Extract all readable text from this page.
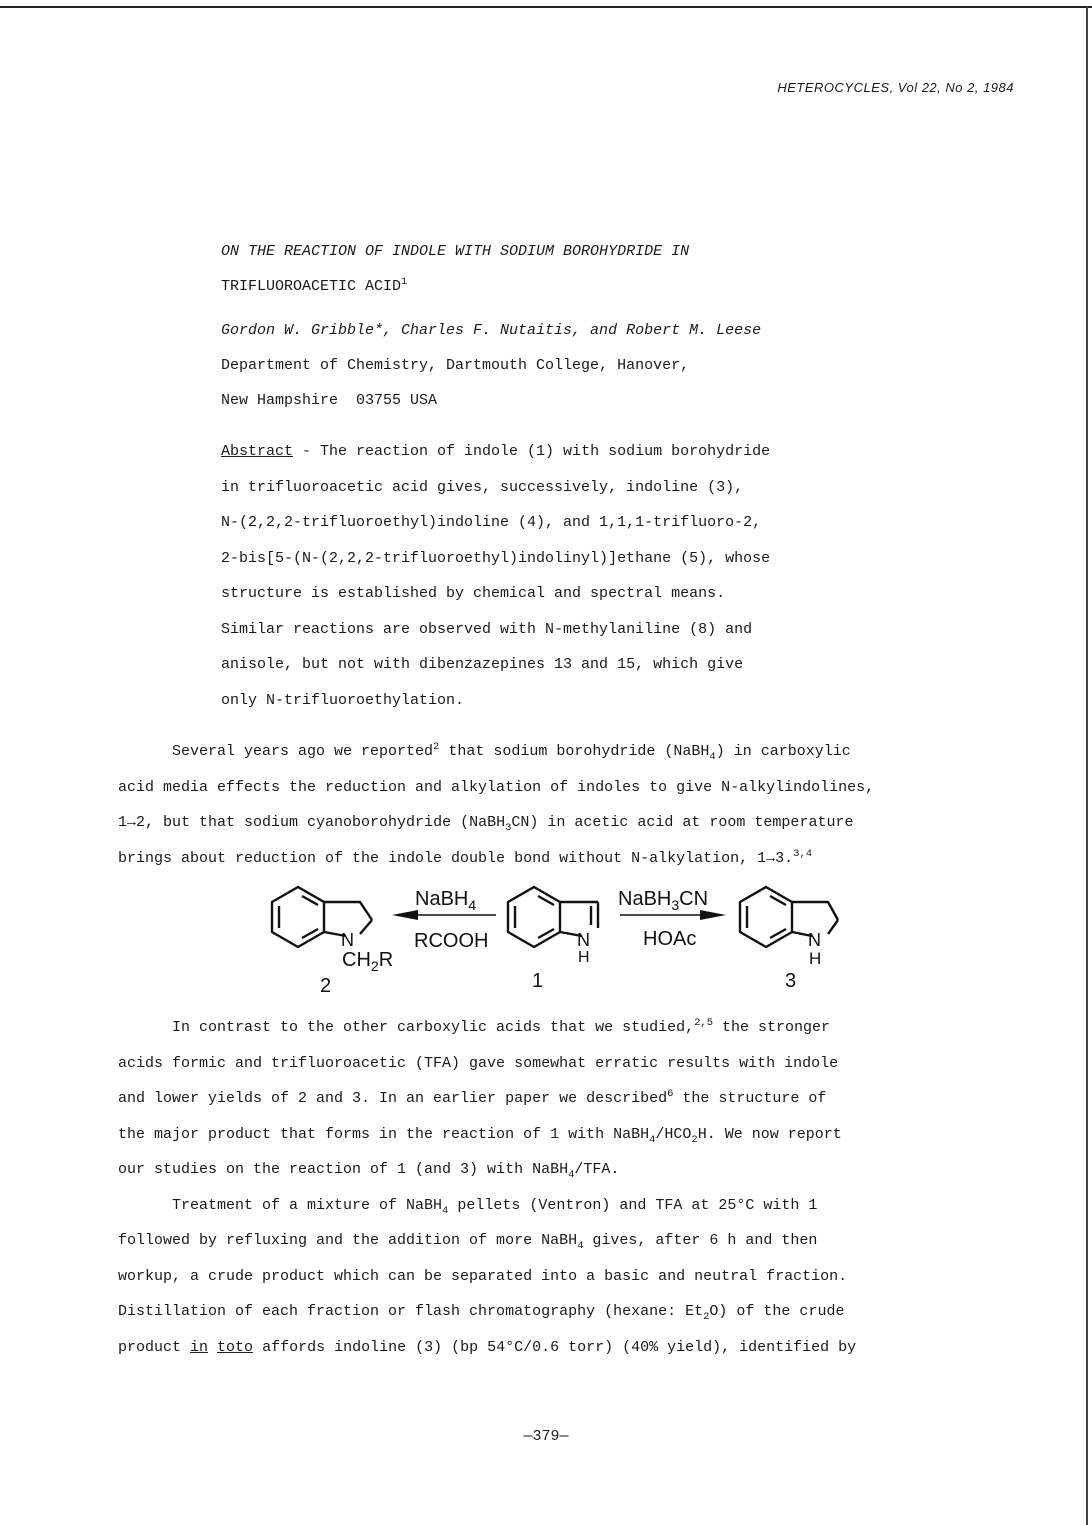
HETEROCYCLES, Vol 22, No 2, 1984
ON THE REACTION OF INDOLE WITH SODIUM BOROHYDRIDE IN
TRIFLUOROACETIC ACID$^1$
Gordon W. Gribble*, Charles F. Nutaitis, and Robert M. Leese
Department of Chemistry, Dartmouth College, Hanover,
New Hampshire  03755 USA

Abstract - The reaction of indole (1) with sodium borohydride

in trifluoroacetic acid gives, successively, indoline (3),

N-(2,2,2-trifluoroethyl)indoline (4), and 1,1,1-trifluoro-2,

2-bis[5-(N-(2,2,2-trifluoroethyl)indolinyl)]ethane (5), whose

structure is established by chemical and spectral means.

Similar reactions are observed with N-methylaniline (8) and

anisole, but not with dibenzazepines 13 and 15, which give

only N-trifluoroethylation.

Several years ago we reported$^2$ that sodium borohydride (NaBH$_4$) in carboxylic

acid media effects the reduction and alkylation of indoles to give N-alkylindolines,

1→2, but that sodium cyanoborohydride (NaBH$_3$CN) in acetic acid at room temperature

brings about reduction of the indole double bond without N-alkylation, 1→3.$^{3,4}$

NaBH$_4$
RCOOH
NaBH$_3$CN
HOAc
N
$CH_2R$
N
H
N
H
2	1	3

In contrast to the other carboxylic acids that we studied,$^{2,5}$ the stronger

acids formic and trifluoroacetic (TFA) gave somewhat erratic results with indole

and lower yields of 2 and 3. In an earlier paper we described$^6$ the structure of

the major product that forms in the reaction of 1 with $NaBH_4/HCO_2H$. We now report

our studies on the reaction of 1 (and 3) with NaBH$_4$/TFA.

Treatment of a mixture of NaBH$_4$ pellets (Ventron) and TFA at 25°C with 1

followed by refluxing and the addition of more NaBH$_4$ gives, after 6 h and then

workup, a crude product which can be separated into a basic and neutral fraction.

Distillation of each fraction or flash chromatography (hexane: $Et_2O$) of the crude

product in toto affords indoline (3) (bp 54°C/0.6 torr) (40% yield), identified by

—379—
